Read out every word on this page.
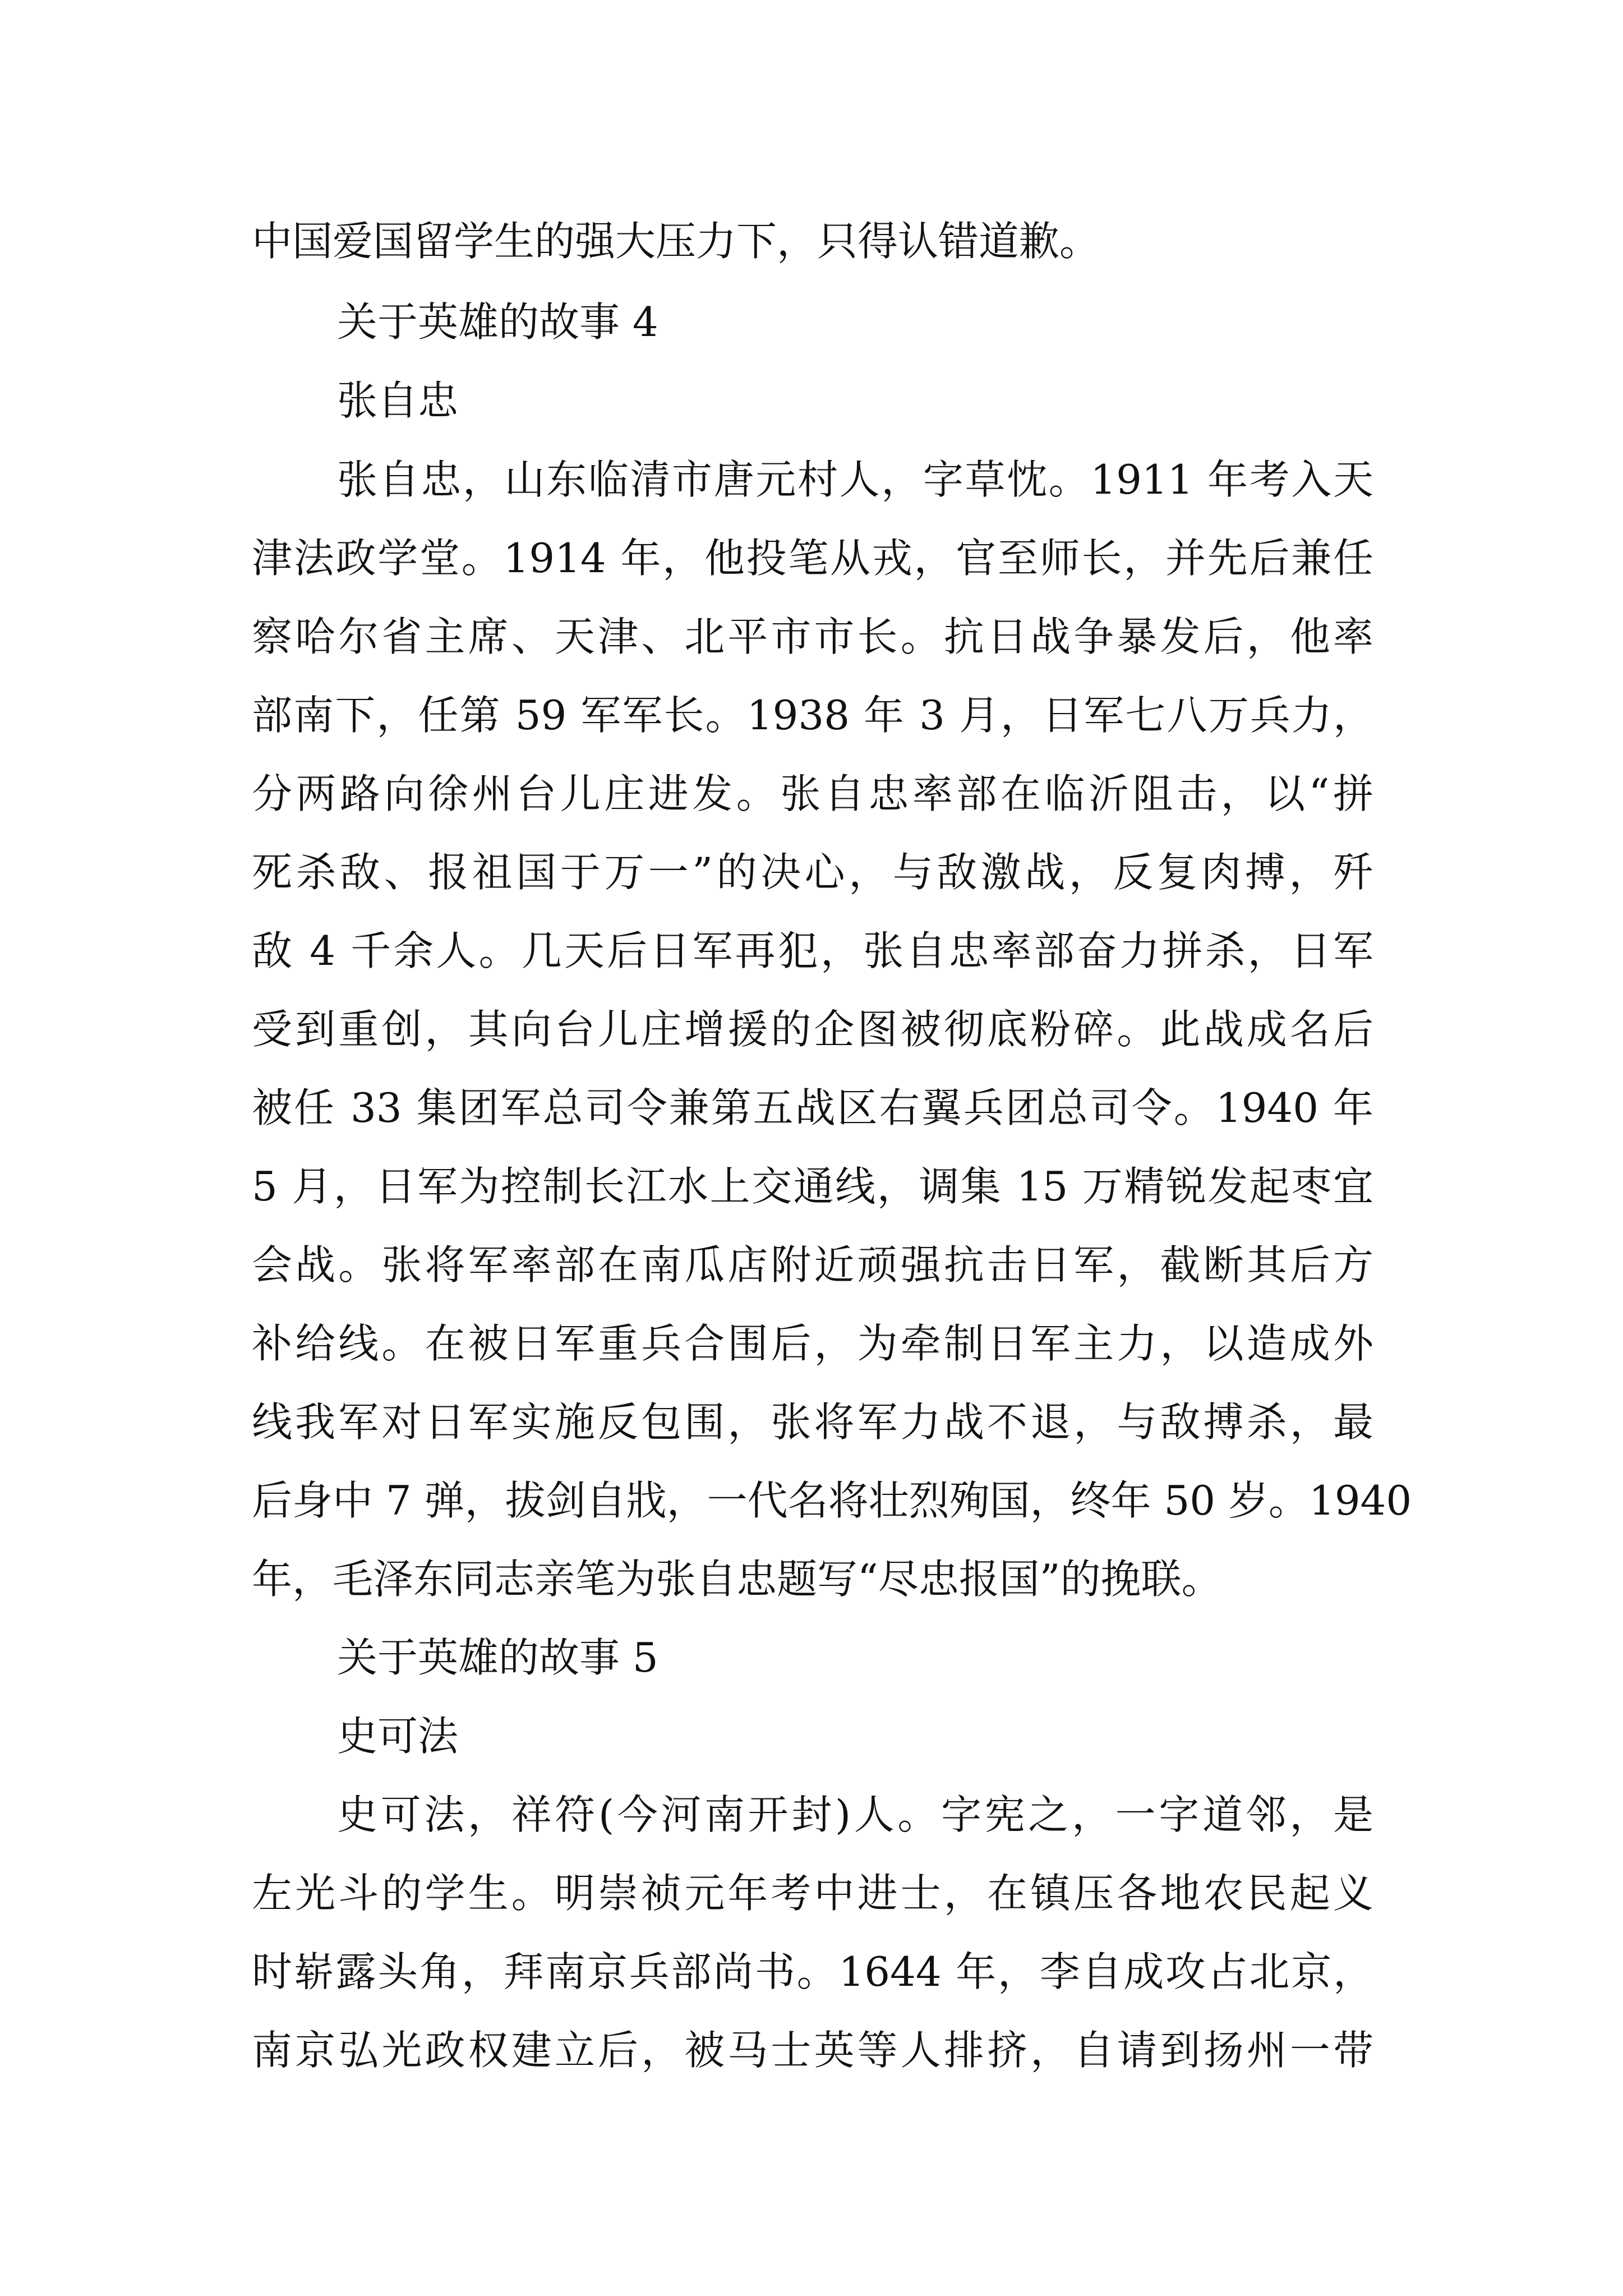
中国爱国留学生的强大压力下，只得认错道歉。
关于英雄的故事 4
张自忠
张自忠，山东临清市唐元村人，字草忱。1911 年考入天
津法政学堂。1914 年，他投笔从戎，官至师长，并先后兼任
察哈尔省主席、天津、北平市市长。抗日战争暴发后，他率
部南下，任第 59 军军长。1938 年 3 月，日军七八万兵力，
分两路向徐州台儿庄进发。张自忠率部在临沂阻击，以“拼
死杀敌、报祖国于万一”的决心，与敌激战，反复肉搏，歼
敌 4 千余人。几天后日军再犯，张自忠率部奋力拼杀，日军
受到重创，其向台儿庄增援的企图被彻底粉碎。此战成名后
被任 33 集团军总司令兼第五战区右翼兵团总司令。1940 年
5 月，日军为控制长江水上交通线，调集 15 万精锐发起枣宜
会战。张将军率部在南瓜店附近顽强抗击日军，截断其后方
补给线。在被日军重兵合围后，为牵制日军主力，以造成外
线我军对日军实施反包围，张将军力战不退，与敌搏杀，最
后身中 7 弹，拔剑自戕，一代名将壮烈殉国，终年 50 岁。1940
年，毛泽东同志亲笔为张自忠题写“尽忠报国”的挽联。
关于英雄的故事 5
史可法
史可法，祥符(今河南开封)人。字宪之，一字道邻，是
左光斗的学生。明崇祯元年考中进士，在镇压各地农民起义
时崭露头角，拜南京兵部尚书。1644 年，李自成攻占北京，
南京弘光政权建立后，被马士英等人排挤，自请到扬州一带
